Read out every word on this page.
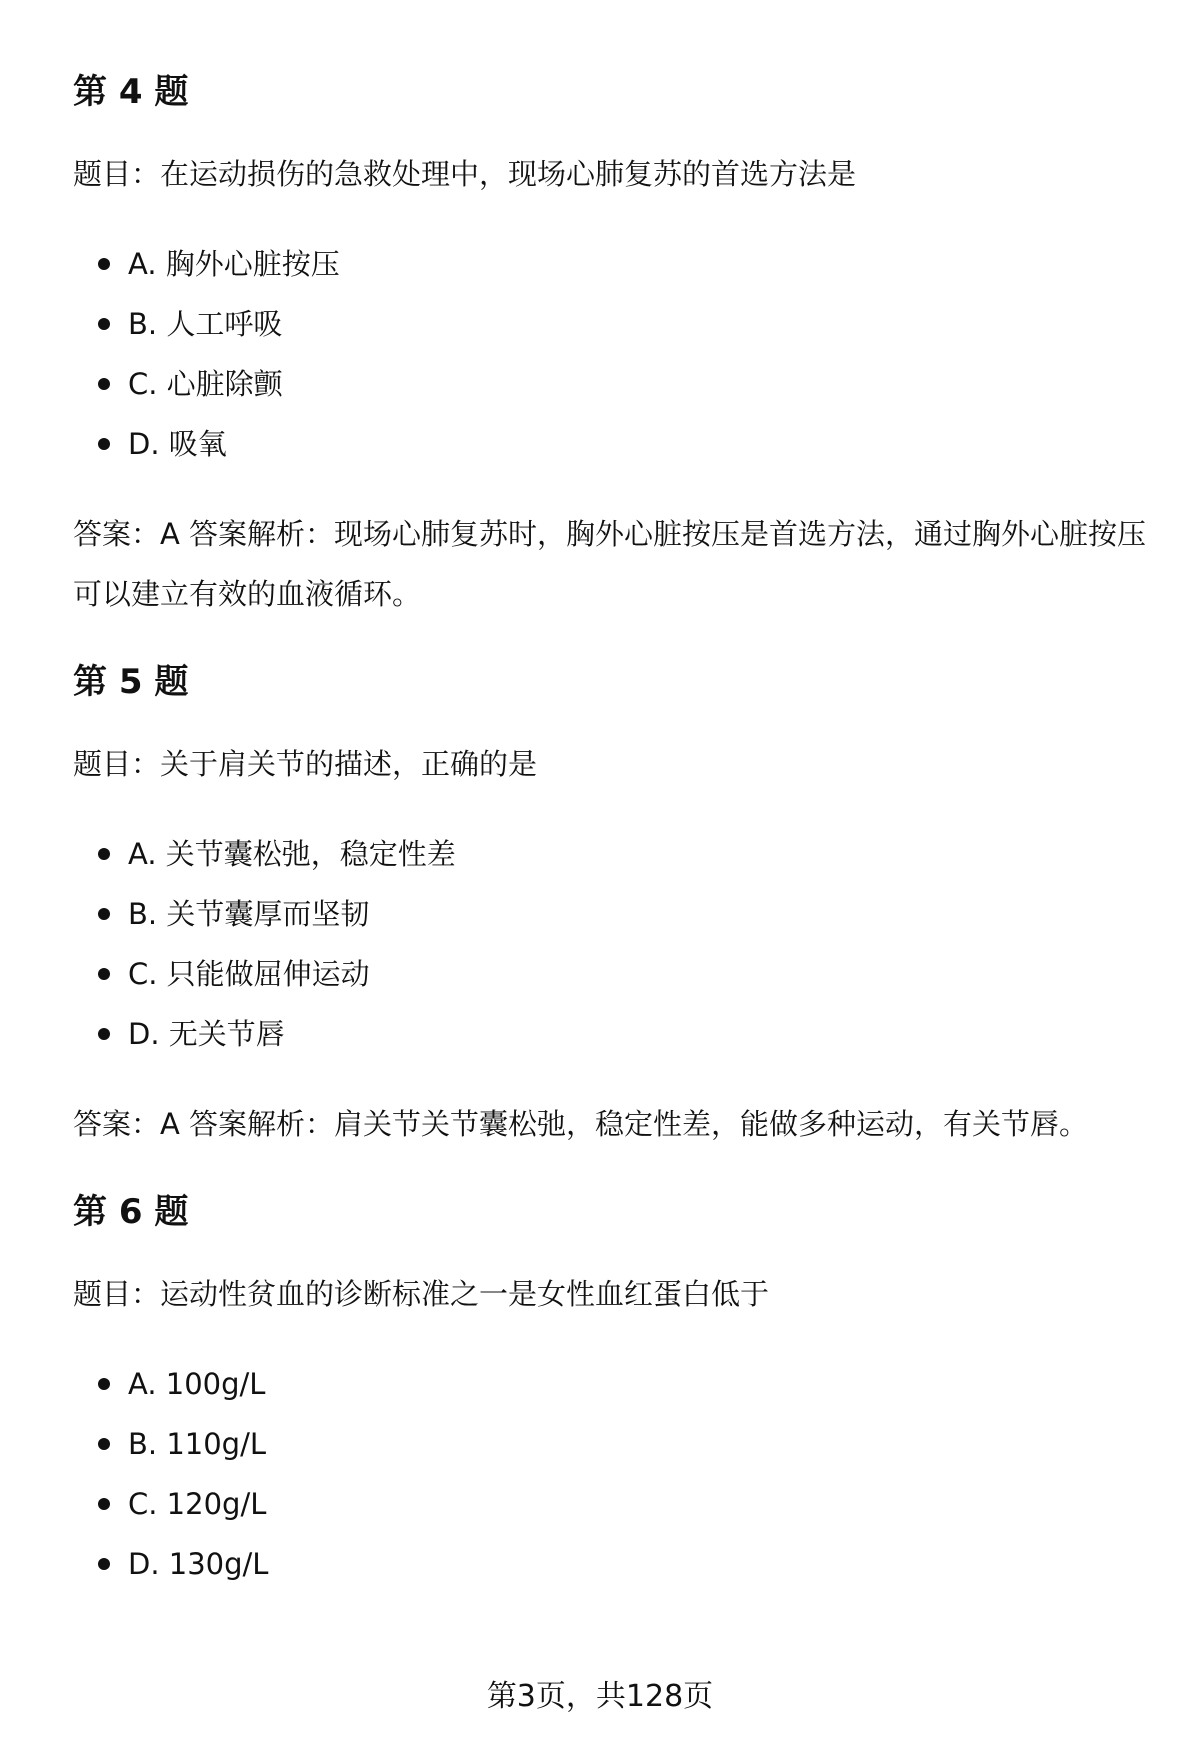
第 4 题

题目：在运动损伤的急救处理中，现场心肺复苏的首选方法是

A. 胸外心脏按压
B. 人工呼吸
C. 心脏除颤
D. 吸氧

答案：A 答案解析：现场心肺复苏时，胸外心脏按压是首选方法，通过胸外心脏按压可以建立有效的血液循环。

第 5 题

题目：关于肩关节的描述，正确的是

A. 关节囊松弛，稳定性差
B. 关节囊厚而坚韧
C. 只能做屈伸运动
D. 无关节唇

答案：A 答案解析：肩关节关节囊松弛，稳定性差，能做多种运动，有关节唇。

第 6 题

题目：运动性贫血的诊断标准之一是女性血红蛋白低于

A. 100g/L
B. 110g/L
C. 120g/L
D. 130g/L
第3页，共128页
